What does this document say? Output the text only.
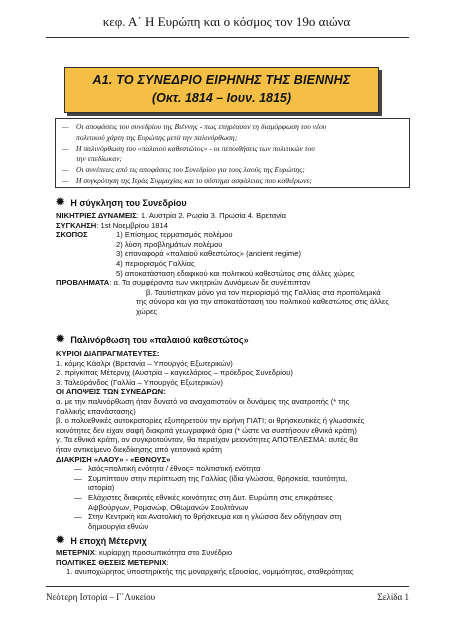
κεφ. Α΄ Η Ευρώπη και ο κόσμος τον 19ο αιώνα
Α1. ΤΟ ΣΥΝΕΔΡΙΟ ΕΙΡΗΝΗΣ ΤΗΣ ΒΙΕΝΝΗΣ
(Οκτ. 1814 – Ιουν. 1815)
— Οι αποφάσεις του συνεδρίου της Βιέννης - πως επηρέασαν τη διαμόρφωση του νέου
πολιτικού χάρτη της Ευρώπης μετά την παλινόρθωση;
— Η παλινόρθωση του «παλαιού καθεστώτος» - οι πεποιθήσεις των πολιτικών του
την επεδίωκαν;
— Οι συνέπειες από τις αποφάσεις του Συνεδρίου για τους λαούς της Ευρώπης;
— Η συγκρότηση της Ιεράς Συμμαχίας και το σύστημα ασφάλειας που καθιέρωνε;
✹ Η σύγκληση του Συνεδρίου
ΝΙΚΗΤΡΙΕΣ ΔΥΝΑΜΕΙΣ: 1. Αυστρία 2. Ρωσία 3. Πρωσία 4. Βρετανία
ΣΥΓΚΛΗΣΗ: 1st Νοεμβρίου 1814
ΣΚΟΠΟΣ	1) Επίσημος τερματισμός πολέμου
2) λύση προβλημάτων πολέμου
3) επαναφορά «παλαιού καθεστώτος» (ancient regime)
4) περιορισμός Γαλλίας
5) αποκατάσταση εδαφικού και πολιτικού καθεστώτος στις άλλες χώρες
ΠΡΟΒΛΗΜΑΤΑ: α. Τα συμφέροντα των νικητριών Δυνάμεων δε συνέπιπταν
β. Ταυτίστηκαν μόνο για τον περιορισμό της Γαλλίας στα προπολεμικά
της σύνορα και για την αποκατάσταση του πολιτικού καθεστώτος στις άλλες
χώρες
✹ Παλινόρθωση του «παλαιού καθεστώτος»
ΚΥΡΙΟΙ ΔΙΑΠΡΑΓΜΑΤΕΥΤΕΣ:
1. κόμης Κάσλρι (Βρετανία – Υπουργός Εξωτερικών)
2. πρίγκιπας Μέτερνιχ (Αυστρία – καγκελάριος – πρόεδρος Συνεδρίου)
3. Ταλεϋράνδος (Γαλλία – Υπουργός Εξωτερικών)
ΟΙ ΑΠΟΨΕΙΣ ΤΩΝ ΣΥΝΕΔΡΩΝ:
α. με την παλινόρθωση ήταν δυνατό να αναχαιτιστούν οι δυνάμεις της ανατροπής (* της
Γαλλικής επανάστασης)
β. ο πολυεθνικές αυτοκρατορίες εξυπηρετούν την ειρήνη ΓΙΑΤΙ; οι θρησκευτικές ή γλωσσικές
κοινότητες δεν είχαν σαφή διακριτά γεωγραφικά όρια (* ώστε να συστήσουν εθνικά κράτη)
γ. Τα εθνικά κράτη, αν συγκροτούνταν, θα περιείχαν μειονότητες ΑΠΟΤΕΛΕΣΜΑ: αυτές θα
ήταν αντικείμενο διεκδίκησης από γειτονικά κράτη
ΔΙΑΚΡΙΣΗ «ΛΑΟΥ» - «ΕΘΝΟΥΣ»
— λαός=πολιτική ενότητα / έθνος= πολιτιστική ενότητα
— Συμπίπτουν στην περίπτωση της Γαλλίας (ίδια γλώσσα, θρησκεία, ταυτότητα,
ιστορία)
— Ελάχιστες διακριτές εθνικές κοινότητες στη Δυτ. Ευρώπη στις επικράτειες
Αψβούργων, Ρομανώφ, Οθωμανών Σουλτάνων
— Στην Κεντρική και Ανατολική το θρήσκευμα και η γλώσσα δεν οδήγησαν στη
δημιουργία εθνών
✹ Η εποχή Μέτερνιχ
ΜΕΤΕΡΝΙΧ: κυρίαρχη προσωπικότητα στο Συνέδριο
ΠΟΛΙΤΙΚΕΣ ΘΕΣΕΙΣ ΜΕΤΕΡΝΙΧ:
1. ανυποχώρητος υποστηρικτής της μοναρχικής εξουσίας, νομιμότητας, σταθερότητας
Νεότερη Ιστορία – Γ΄Λυκείου	Σελίδα 1
